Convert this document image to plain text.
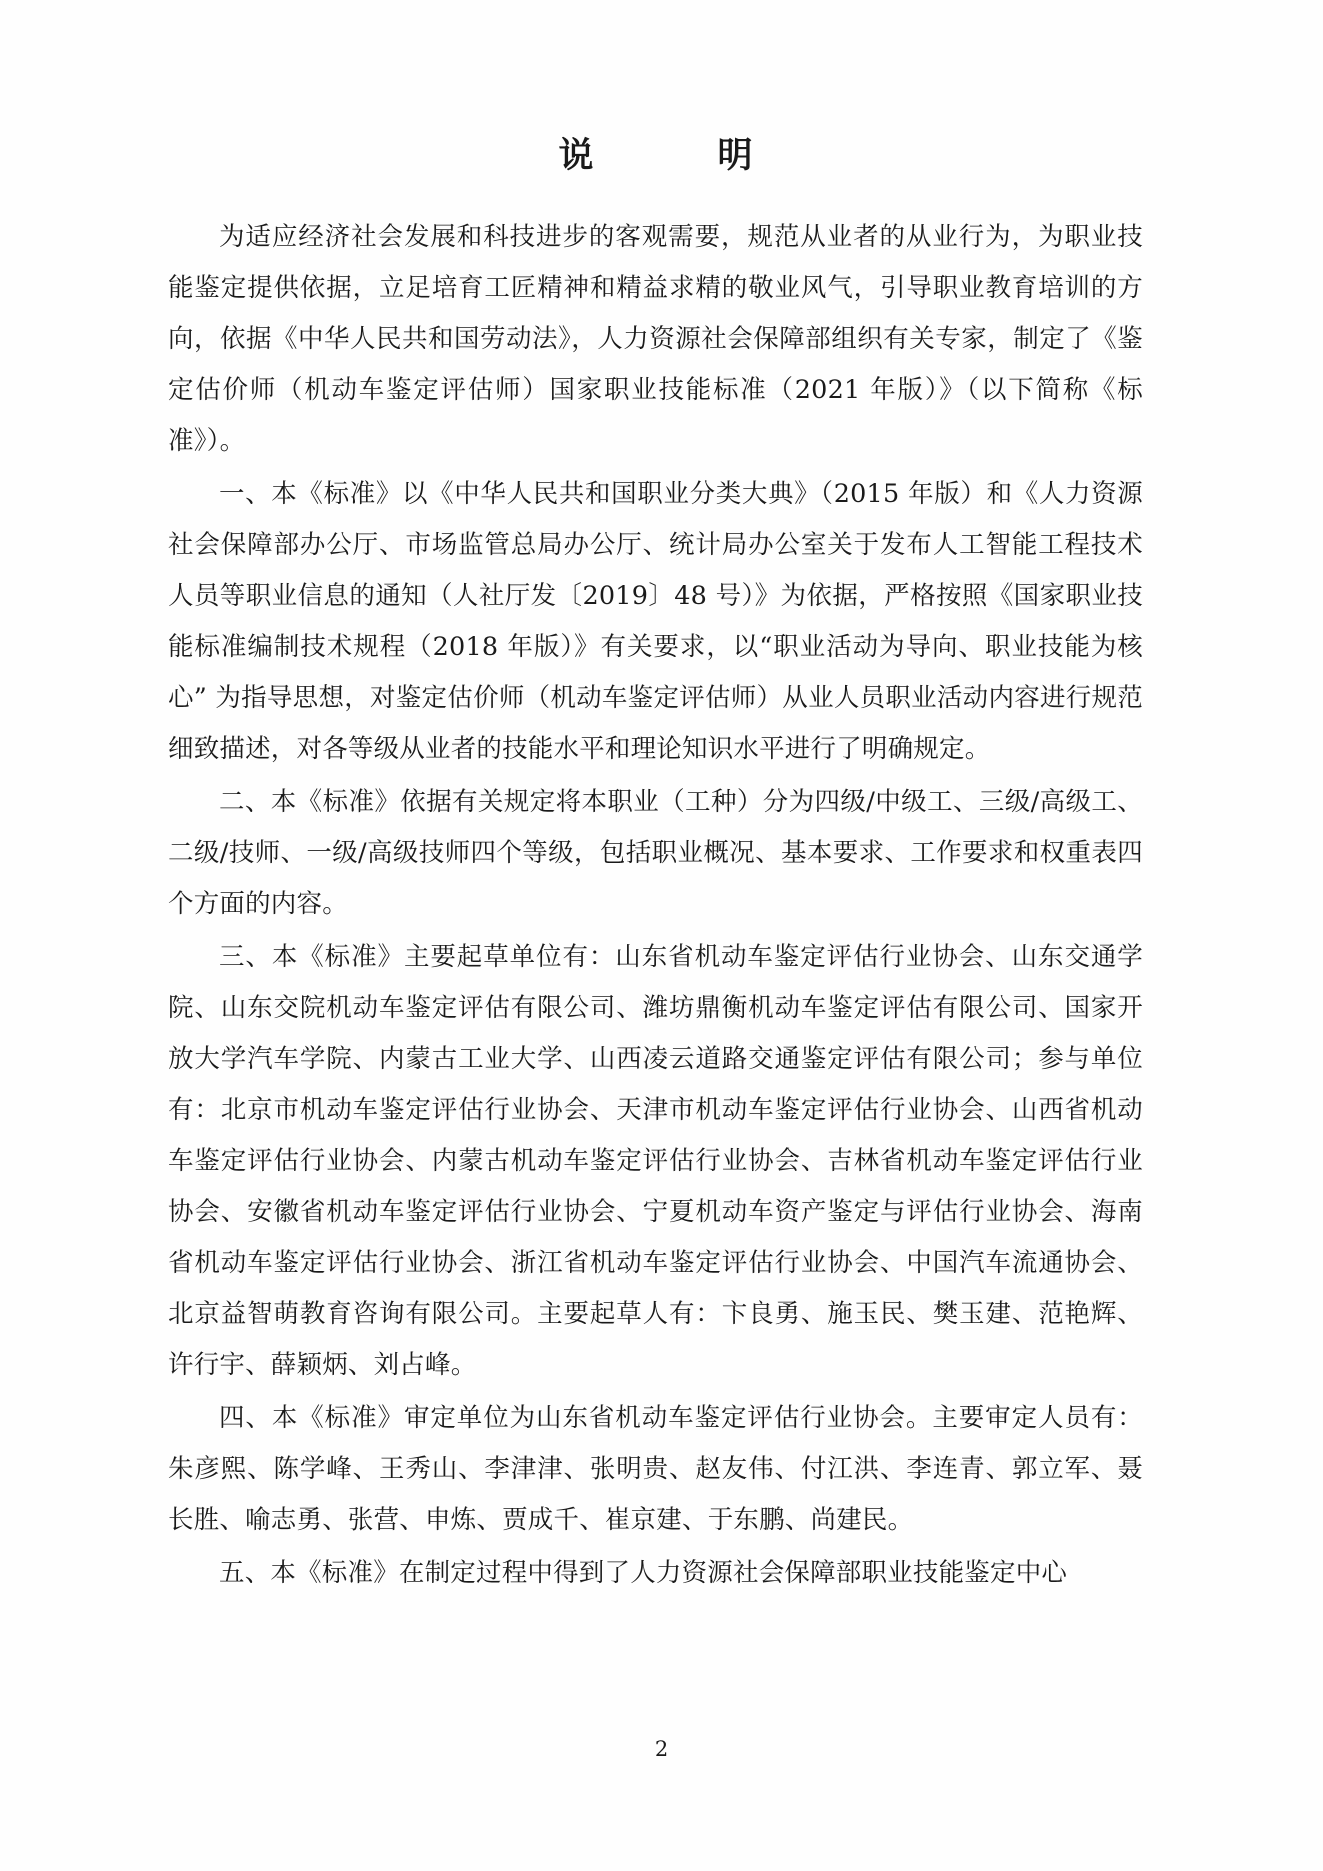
说　　明

为适应经济社会发展和科技进步的客观需要，规范从业者的从业行为，为职业技能鉴定提供依据，立足培育工匠精神和精益求精的敬业风气，引导职业教育培训的方向，依据《中华人民共和国劳动法》，人力资源社会保障部组织有关专家，制定了《鉴定估价师（机动车鉴定评估师）国家职业技能标准（2021 年版）》（以下简称《标准》）。

一、本《标准》以《中华人民共和国职业分类大典》（2015 年版）和《人力资源社会保障部办公厅、市场监管总局办公厅、统计局办公室关于发布人工智能工程技术人员等职业信息的通知（人社厅发〔2019〕48 号）》为依据，严格按照《国家职业技能标准编制技术规程（2018 年版）》有关要求，以“职业活动为导向、职业技能为核心” 为指导思想，对鉴定估价师（机动车鉴定评估师）从业人员职业活动内容进行规范细致描述，对各等级从业者的技能水平和理论知识水平进行了明确规定。

二、本《标准》依据有关规定将本职业（工种）分为四级/中级工、三级/高级工、二级/技师、一级/高级技师四个等级，包括职业概况、基本要求、工作要求和权重表四个方面的内容。

三、本《标准》主要起草单位有：山东省机动车鉴定评估行业协会、山东交通学院、山东交院机动车鉴定评估有限公司、潍坊鼎衡机动车鉴定评估有限公司、国家开放大学汽车学院、内蒙古工业大学、山西凌云道路交通鉴定评估有限公司；参与单位有：北京市机动车鉴定评估行业协会、天津市机动车鉴定评估行业协会、山西省机动车鉴定评估行业协会、内蒙古机动车鉴定评估行业协会、吉林省机动车鉴定评估行业协会、安徽省机动车鉴定评估行业协会、宁夏机动车资产鉴定与评估行业协会、海南省机动车鉴定评估行业协会、浙江省机动车鉴定评估行业协会、中国汽车流通协会、北京益智萌教育咨询有限公司。主要起草人有：卞良勇、施玉民、樊玉建、范艳辉、许行宇、薛颖炳、刘占峰。

四、本《标准》审定单位为山东省机动车鉴定评估行业协会。主要审定人员有：朱彦熙、陈学峰、王秀山、李津津、张明贵、赵友伟、付江洪、李连青、郭立军、聂长胜、喻志勇、张营、申炼、贾成千、崔京建、于东鹏、尚建民。

五、本《标准》在制定过程中得到了人力资源社会保障部职业技能鉴定中心

2
